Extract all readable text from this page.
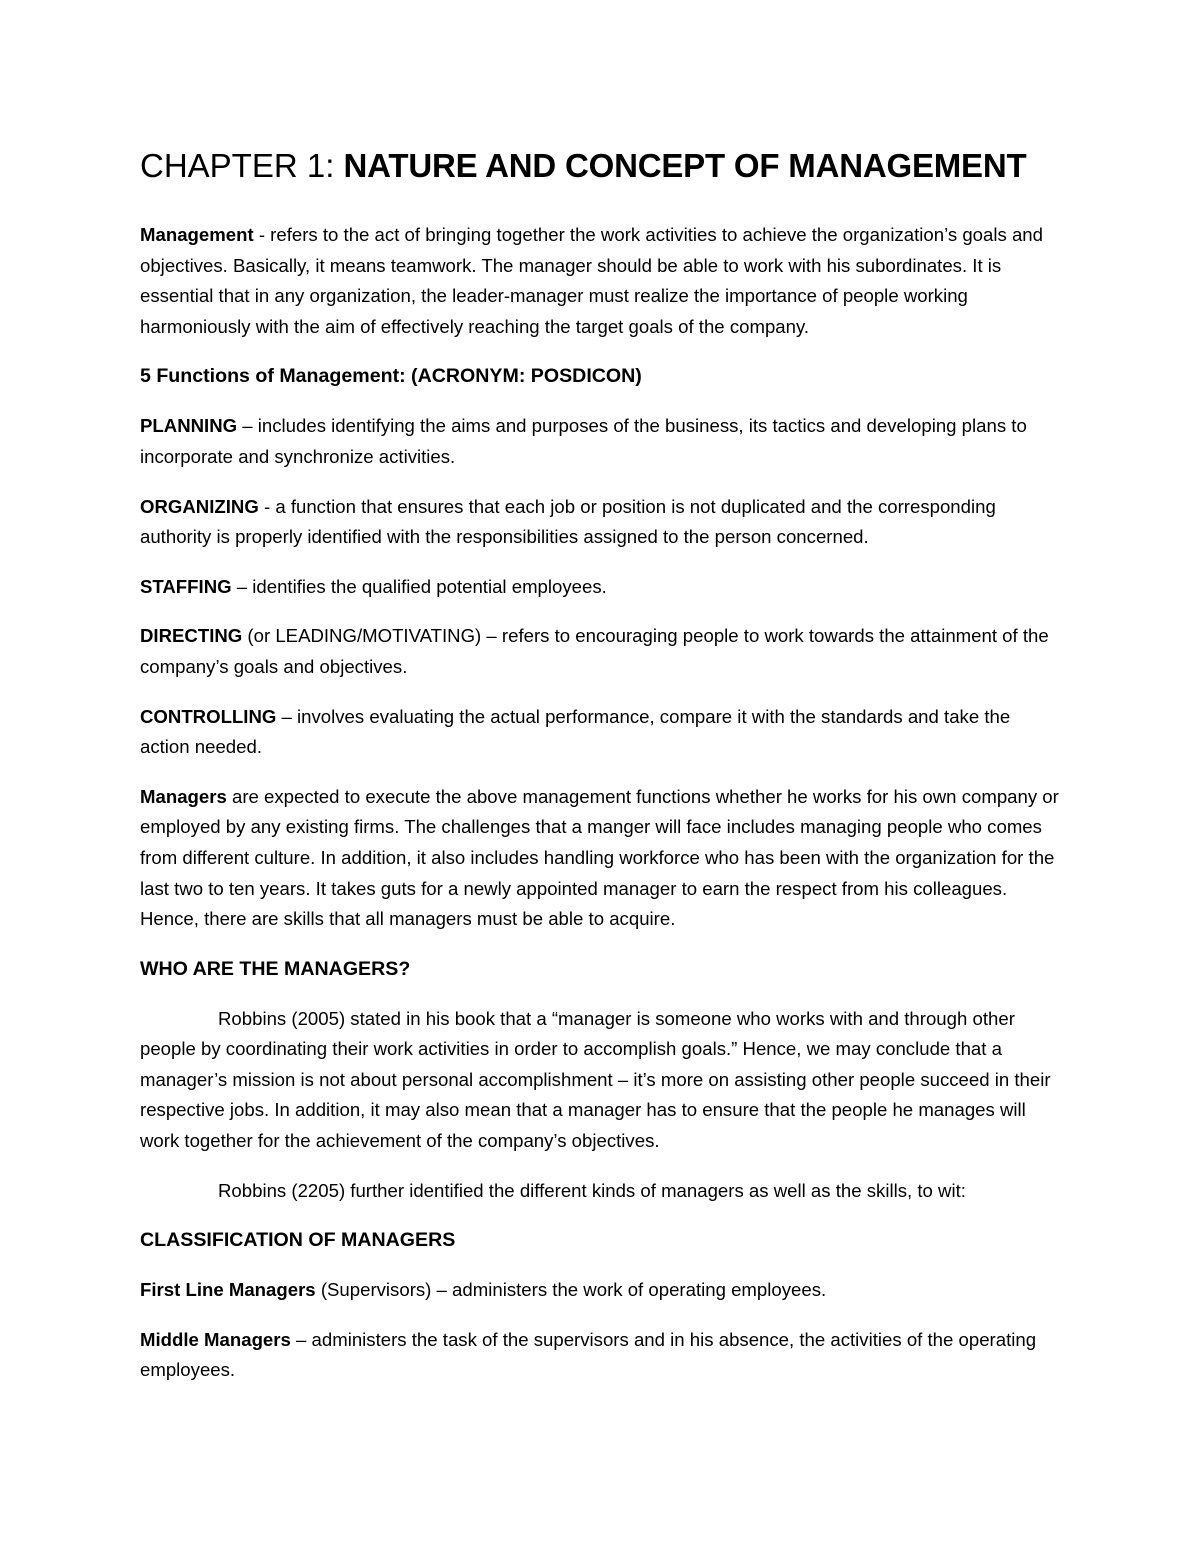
CHAPTER 1: NATURE AND CONCEPT OF MANAGEMENT

Management - refers to the act of bringing together the work activities to achieve the organization’s goals and objectives. Basically, it means teamwork. The manager should be able to work with his subordinates. It is essential that in any organization, the leader-manager must realize the importance of people working harmoniously with the aim of effectively reaching the target goals of the company.

5 Functions of Management: (ACRONYM: POSDICON)

PLANNING – includes identifying the aims and purposes of the business, its tactics and developing plans to incorporate and synchronize activities.

ORGANIZING - a function that ensures that each job or position is not duplicated and the corresponding authority is properly identified with the responsibilities assigned to the person concerned.

STAFFING – identifies the qualified potential employees.

DIRECTING (or LEADING/MOTIVATING) – refers to encouraging people to work towards the attainment of the company’s goals and objectives.

CONTROLLING – involves evaluating the actual performance, compare it with the standards and take the action needed.

Managers are expected to execute the above management functions whether he works for his own company or employed by any existing firms. The challenges that a manger will face includes managing people who comes from different culture. In addition, it also includes handling workforce who has been with the organization for the last two to ten years. It takes guts for a newly appointed manager to earn the respect from his colleagues. Hence, there are skills that all managers must be able to acquire.

WHO ARE THE MANAGERS?

Robbins (2005) stated in his book that a “manager is someone who works with and through other people by coordinating their work activities in order to accomplish goals.” Hence, we may conclude that a manager’s mission is not about personal accomplishment – it’s more on assisting other people succeed in their respective jobs. In addition, it may also mean that a manager has to ensure that the people he manages will work together for the achievement of the company’s objectives.

Robbins (2205) further identified the different kinds of managers as well as the skills, to wit:

CLASSIFICATION OF MANAGERS

First Line Managers (Supervisors) – administers the work of operating employees.

Middle Managers – administers the task of the supervisors and in his absence, the activities of the operating employees.
